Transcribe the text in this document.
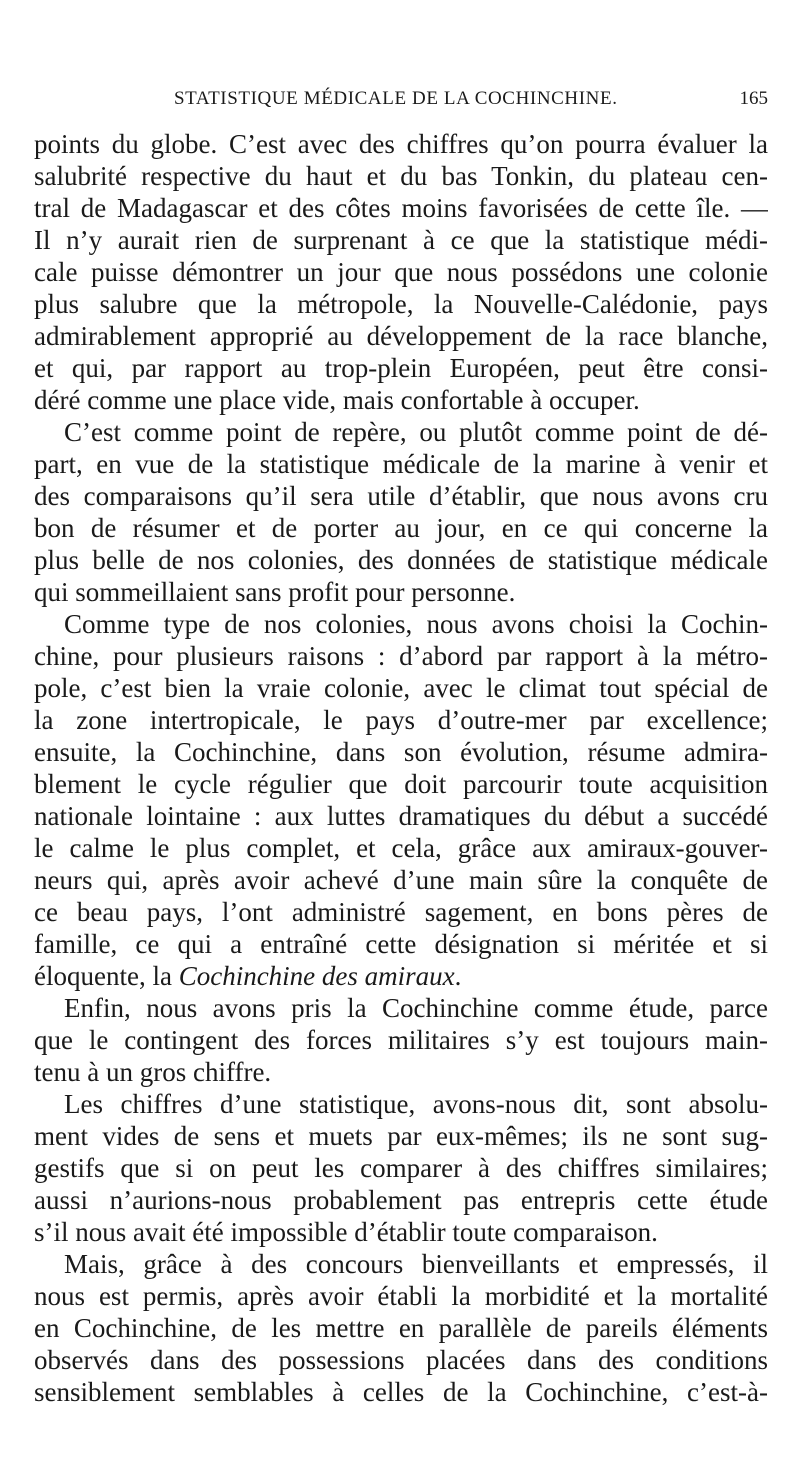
STATISTIQUE MÉDICALE DE LA COCHINCHINE.	165
points du globe. C’est avec des chiffres qu’on pourra évaluer la
salubrité respective du haut et du bas Tonkin, du plateau cen-
tral de Madagascar et des côtes moins favorisées de cette île. —
Il n’y aurait rien de surprenant à ce que la statistique médi-
cale puisse démontrer un jour que nous possédons une colonie
plus salubre que la métropole, la Nouvelle-Calédonie, pays
admirablement approprié au développement de la race blanche,
et qui, par rapport au trop-plein Européen, peut être consi-
déré comme une place vide, mais confortable à occuper.
C’est comme point de repère, ou plutôt comme point de dé-
part, en vue de la statistique médicale de la marine à venir et
des comparaisons qu’il sera utile d’établir, que nous avons cru
bon de résumer et de porter au jour, en ce qui concerne la
plus belle de nos colonies, des données de statistique médicale
qui sommeillaient sans profit pour personne.
Comme type de nos colonies, nous avons choisi la Cochin-
chine, pour plusieurs raisons : d’abord par rapport à la métro-
pole, c’est bien la vraie colonie, avec le climat tout spécial de
la zone intertropicale, le pays d’outre-mer par excellence;
ensuite, la Cochinchine, dans son évolution, résume admira-
blement le cycle régulier que doit parcourir toute acquisition
nationale lointaine : aux luttes dramatiques du début a succédé
le calme le plus complet, et cela, grâce aux amiraux-gouver-
neurs qui, après avoir achevé d’une main sûre la conquête de
ce beau pays, l’ont administré sagement, en bons pères de
famille, ce qui a entraîné cette désignation si méritée et si
éloquente, la Cochinchine des amiraux.
Enfin, nous avons pris la Cochinchine comme étude, parce
que le contingent des forces militaires s’y est toujours main-
tenu à un gros chiffre.
Les chiffres d’une statistique, avons-nous dit, sont absolu-
ment vides de sens et muets par eux-mêmes; ils ne sont sug-
gestifs que si on peut les comparer à des chiffres similaires;
aussi n’aurions-nous probablement pas entrepris cette étude
s’il nous avait été impossible d’établir toute comparaison.
Mais, grâce à des concours bienveillants et empressés, il
nous est permis, après avoir établi la morbidité et la mortalité
en Cochinchine, de les mettre en parallèle de pareils éléments
observés dans des possessions placées dans des conditions
sensiblement semblables à celles de la Cochinchine, c’est-à-
